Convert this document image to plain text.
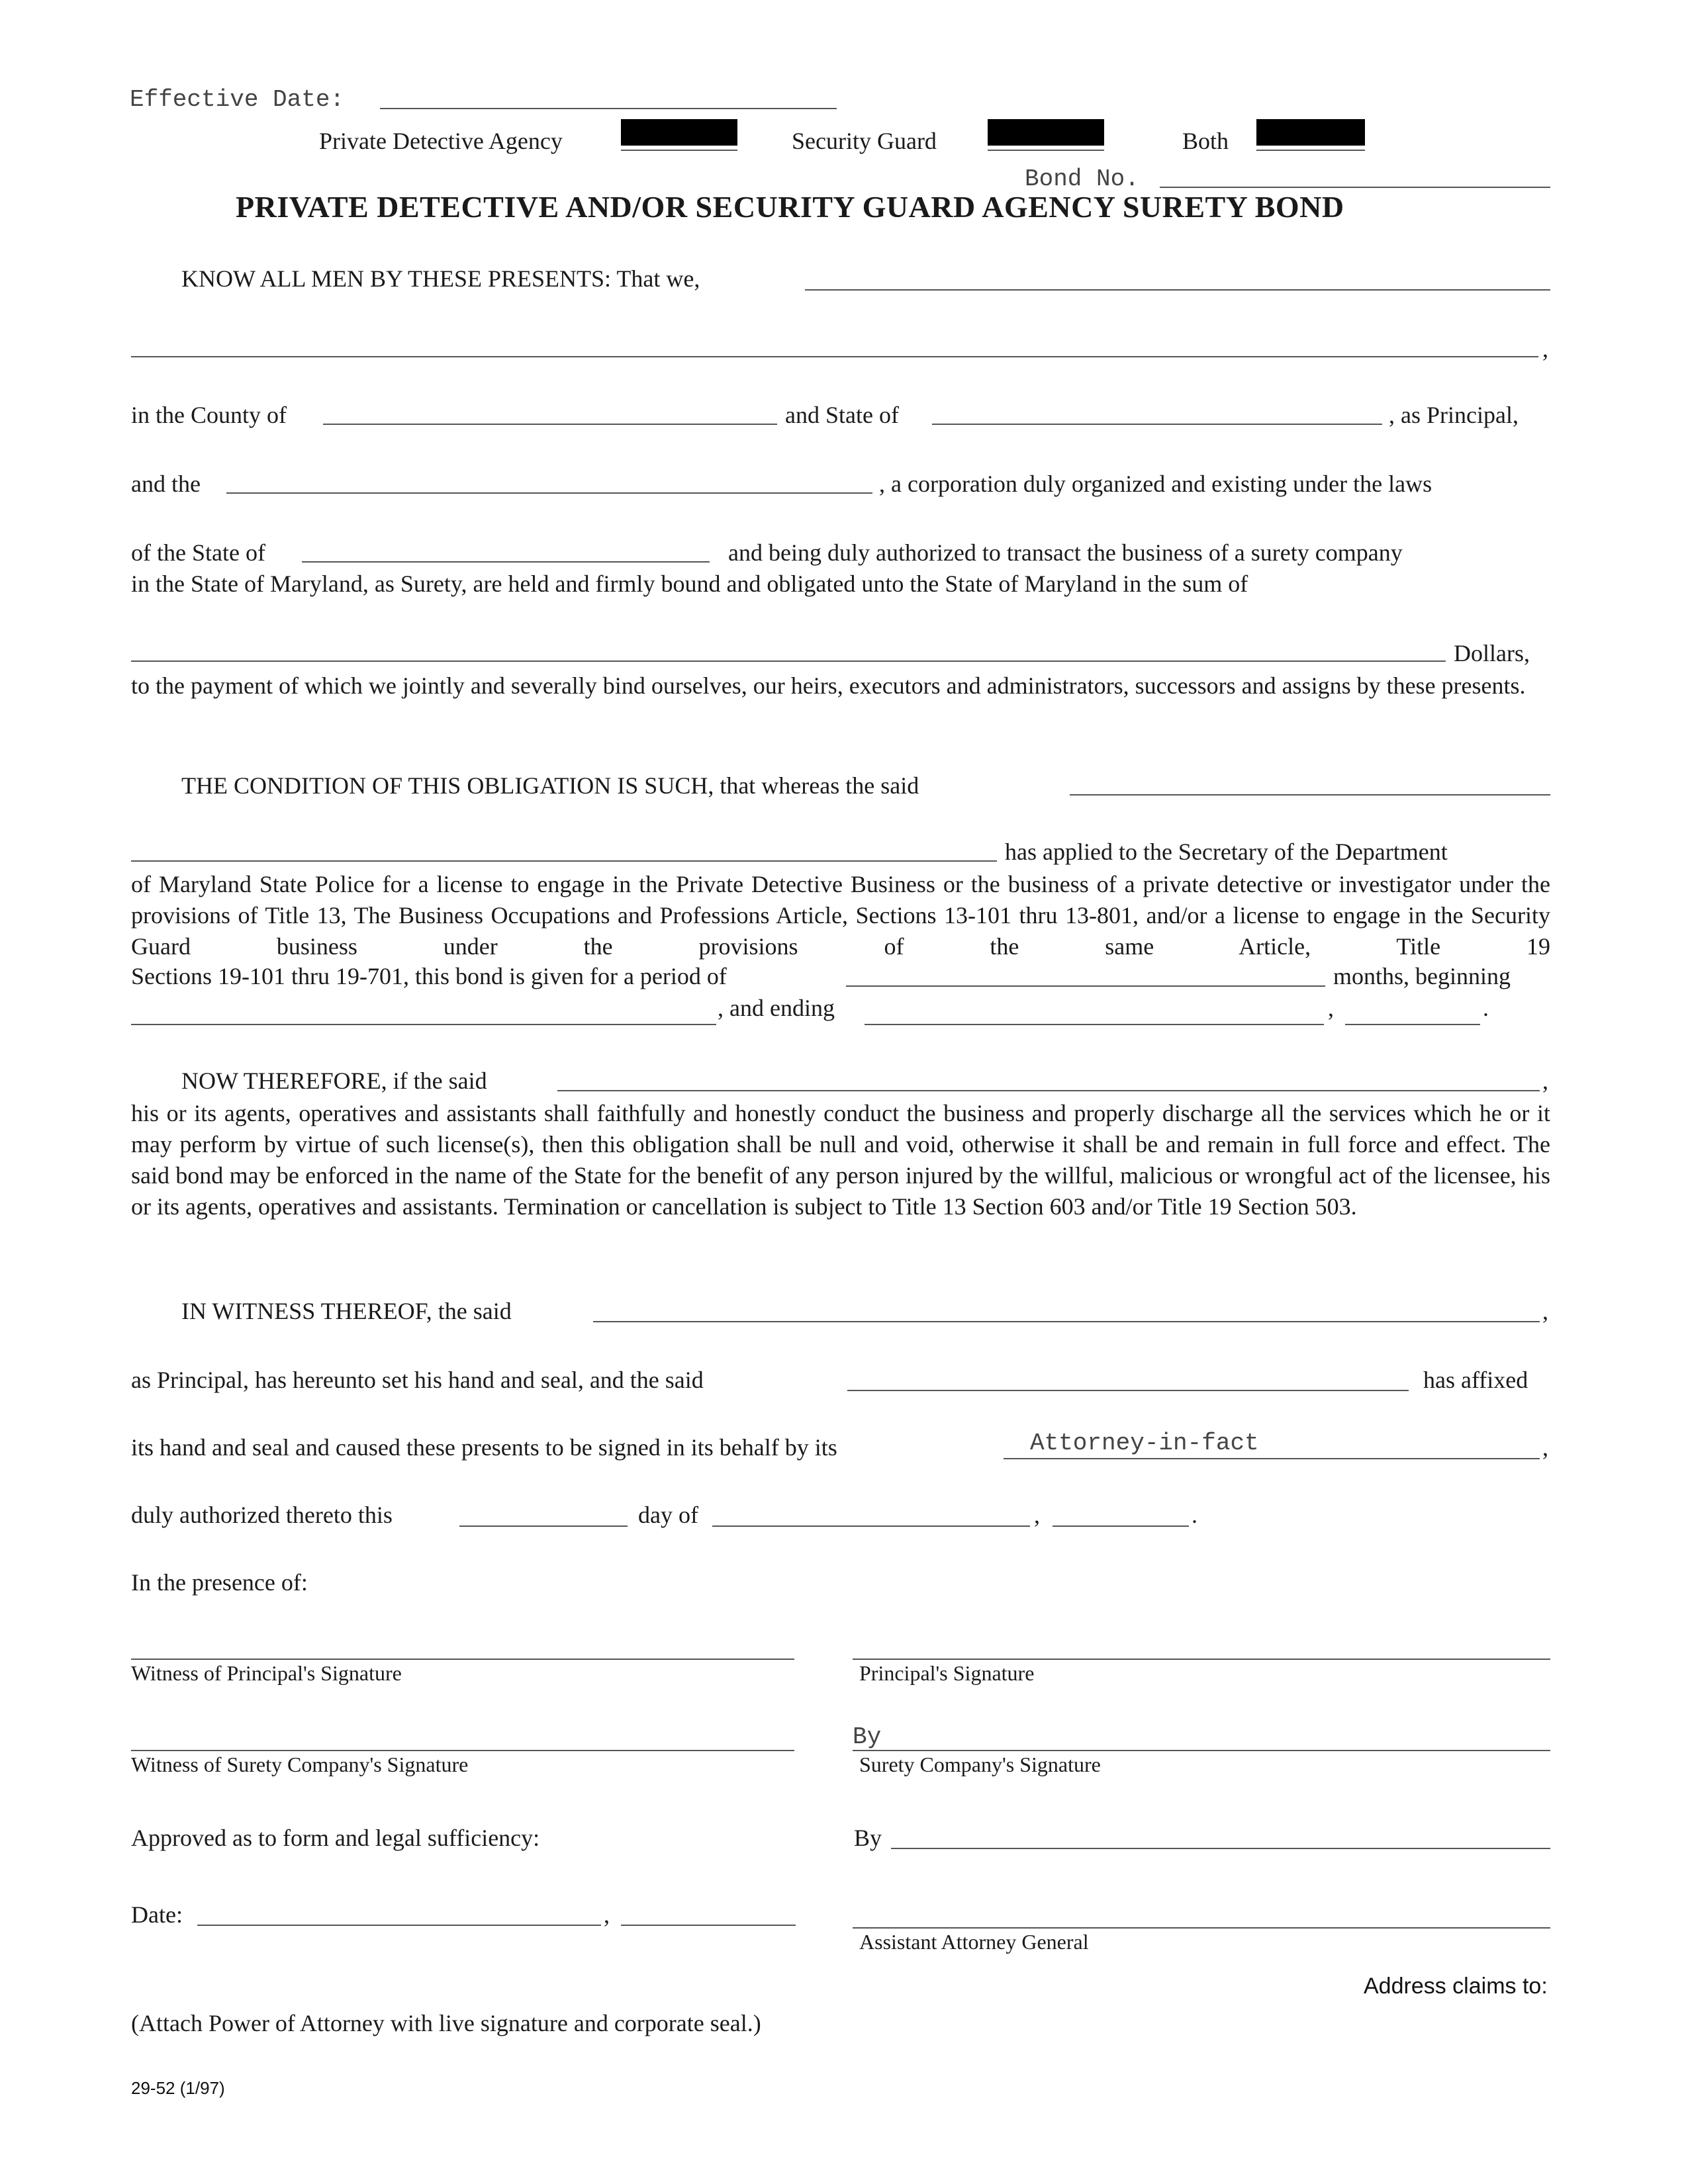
Effective Date:
Private Detective Agency	Security Guard	Both
Bond No.
PRIVATE DETECTIVE AND/OR SECURITY GUARD AGENCY SURETY BOND
KNOW ALL MEN BY THESE PRESENTS: That we,
,
in the County of	and State of	, as Principal,
and the	, a corporation duly organized and existing under the laws
of the State of	and being duly authorized to transact the business of a surety company
in the State of Maryland, as Surety, are held and firmly bound and obligated unto the State of Maryland in the sum of
Dollars,
to the payment of which we jointly and severally bind ourselves, our heirs, executors and administrators, successors and assigns by these presents.
THE CONDITION OF THIS OBLIGATION IS SUCH, that whereas the said
has applied to the Secretary of the Department
of Maryland State Police for a license to engage in the Private Detective Business or the business of a private detective or investigator under the provisions of Title 13, The Business Occupations and Professions Article, Sections 13-101 thru 13-801, and/or a license to engage in the Security Guard business under the provisions of the same Article, Title 19
Sections 19-101 thru 19-701, this bond is given for a period of	months, beginning
, and ending	,	.
NOW THEREFORE, if the said	,
his or its agents, operatives and assistants shall faithfully and honestly conduct the business and properly discharge all the services which he or it may perform by virtue of such license(s), then this obligation shall be null and void, otherwise it shall be and remain in full force and effect. The said bond may be enforced in the name of the State for the benefit of any person injured by the willful, malicious or wrongful act of the licensee, his or its agents, operatives and assistants. Termination or cancellation is subject to Title 13 Section 603 and/or Title 19 Section 503.
IN WITNESS THEREOF, the said	,
as Principal, has hereunto set his hand and seal, and the said	has affixed
its hand and seal and caused these presents to be signed in its behalf by its	Attorney-in-fact	,
duly authorized thereto this	day of	,	.
In the presence of:
Witness of Principal's Signature	Principal's Signature
Witness of Surety Company's Signature
By
Surety Company's Signature
Approved as to form and legal sufficiency:	By
Date:	,
Assistant Attorney General
Address claims to:
(Attach Power of Attorney with live signature and corporate seal.)
29-52 (1/97)
